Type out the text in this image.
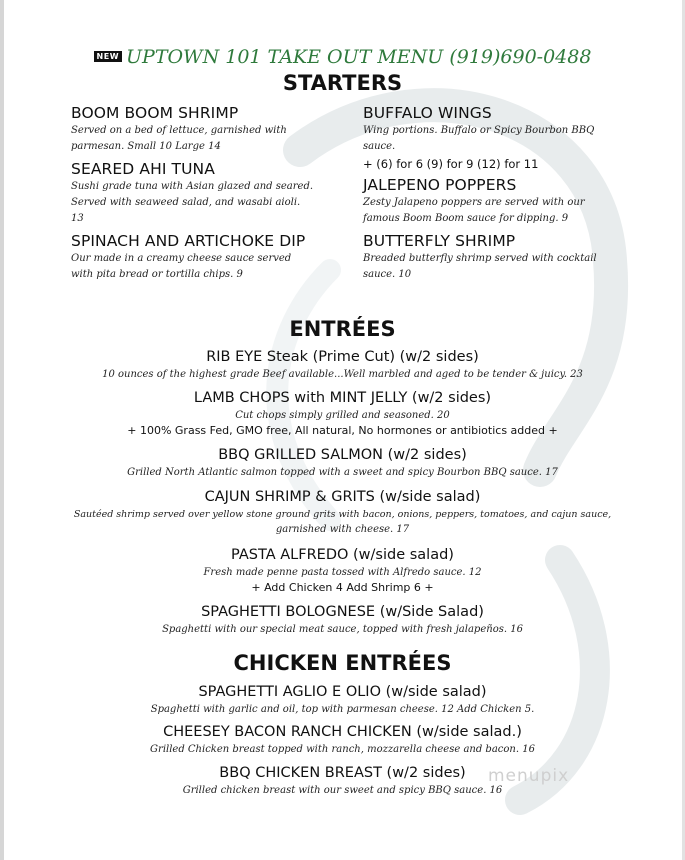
NEW UPTOWN 101 TAKE OUT MENU (919)690-0488
STARTERS
BOOM BOOM SHRIMP
Served on a bed of lettuce, garnished with parmesan. Small 10 Large 14
SEARED AHI TUNA
Sushi grade tuna with Asian glazed and seared. Served with seaweed salad, and wasabi aioli. 13
SPINACH AND ARTICHOKE DIP
Our made in a creamy cheese sauce served with pita bread or tortilla chips. 9
BUFFALO WINGS
Wing portions. Buffalo or Spicy Bourbon BBQ sauce.
+ (6) for 6 (9) for 9 (12) for 11
JALEPENO POPPERS
Zesty Jalapeno poppers are served with our famous Boom Boom sauce for dipping. 9
BUTTERFLY SHRIMP
Breaded butterfly shrimp served with cocktail sauce. 10
ENTRÉES
RIB EYE Steak (Prime Cut) (w/2 sides)
10 ounces of the highest grade Beef available...Well marbled and aged to be tender & juicy. 23
LAMB CHOPS with MINT JELLY (w/2 sides)
Cut chops simply grilled and seasoned. 20
+ 100% Grass Fed, GMO free, All natural, No hormones or antibiotics added +
BBQ GRILLED SALMON (w/2 sides)
Grilled North Atlantic salmon topped with a sweet and spicy Bourbon BBQ sauce. 17
CAJUN SHRIMP & GRITS (w/side salad)
Sautéed shrimp served over yellow stone ground grits with bacon, onions, peppers, tomatoes, and cajun sauce,
garnished with cheese. 17
PASTA ALFREDO (w/side salad)
Fresh made penne pasta tossed with Alfredo sauce. 12
+ Add Chicken 4 Add Shrimp 6 +
SPAGHETTI BOLOGNESE (w/Side Salad)
Spaghetti with our special meat sauce, topped with fresh jalapeños. 16
CHICKEN ENTRÉES
SPAGHETTI AGLIO E OLIO (w/side salad)
Spaghetti with garlic and oil, top with parmesan cheese. 12 Add Chicken 5.
CHEESEY BACON RANCH CHICKEN (w/side salad.)
Grilled Chicken breast topped with ranch, mozzarella cheese and bacon. 16
BBQ CHICKEN BREAST (w/2 sides)
Grilled chicken breast with our sweet and spicy BBQ sauce. 16
menupix
